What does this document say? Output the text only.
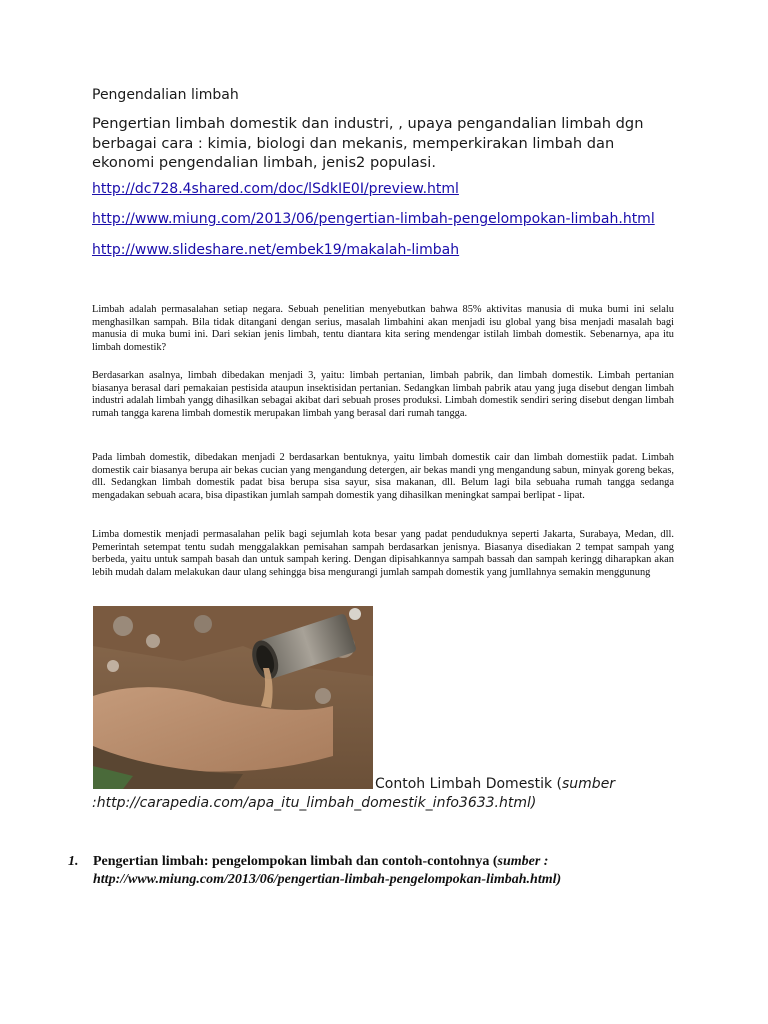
Pengendalian limbah
Pengertian limbah domestik dan industri, , upaya pengandalian limbah dgn berbagai cara : kimia, biologi dan mekanis, memperkirakan limbah dan ekonomi pengendalian limbah, jenis2 populasi.
http://dc728.4shared.com/doc/lSdkIE0I/preview.html
http://www.miung.com/2013/06/pengertian-limbah-pengelompokan-limbah.html
http://www.slideshare.net/embek19/makalah-limbah

Limbah adalah permasalahan setiap negara. Sebuah penelitian menyebutkan bahwa 85% aktivitas manusia di muka bumi ini selalu menghasilkan sampah. Bila tidak ditangani dengan serius, masalah limbahini akan menjadi isu global yang bisa menjadi masalah bagi manusia di muka bumi ini. Dari sekian jenis limbah, tentu diantara kita sering mendengar istilah limbah domestik. Sebenarnya, apa itu limbah domestik?

Berdasarkan asalnya, limbah dibedakan menjadi 3, yaitu: limbah pertanian, limbah pabrik, dan limbah domestik. Limbah pertanian biasanya berasal dari pemakaian pestisida ataupun insektisidan pertanian. Sedangkan limbah pabrik atau yang juga disebut dengan limbah industri adalah limbah yangg dihasilkan sebagai akibat dari sebuah proses produksi. Limbah domestik sendiri sering disebut dengan limbah rumah tangga karena limbah domestik merupakan limbah yang berasal dari rumah tangga.

Pada limbah domestik, dibedakan menjadi 2 berdasarkan bentuknya, yaitu limbah domestik cair dan limbah domestiik padat. Limbah domestik cair biasanya berupa air bekas cucian yang mengandung detergen, air bekas mandi yng mengandung sabun, minyak goreng bekas, dll. Sedangkan limbah domestik padat bisa berupa sisa sayur, sisa makanan, dll. Belum lagi bila sebuaha rumah tangga sedanga mengadakan sebuah acara, bisa dipastikan jumlah sampah domestik yang dihasilkan meningkat sampai berlipat - lipat.

Limba domestik menjadi permasalahan pelik bagi sejumlah kota besar yang padat penduduknya seperti Jakarta, Surabaya, Medan, dll. Pemerintah setempat tentu sudah menggalakkan pemisahan sampah berdasarkan jenisnya. Biasanya disediakan 2 tempat sampah yang berbeda, yaitu untuk sampah basah dan untuk sampah kering. Dengan dipisahkannya sampah bassah dan sampah keringg diharapkan akan lebih mudah dalam melakukan daur ulang sehingga bisa mengurangi jumlah sampah domestik yang jumllahnya semakin menggunung

Contoh Limbah Domestik (sumber :http://carapedia.com/apa_itu_limbah_domestik_info3633.html)
1. Pengertian limbah: pengelompokan limbah dan contoh-contohnya (sumber :
http://www.miung.com/2013/06/pengertian-limbah-pengelompokan-limbah.html)
